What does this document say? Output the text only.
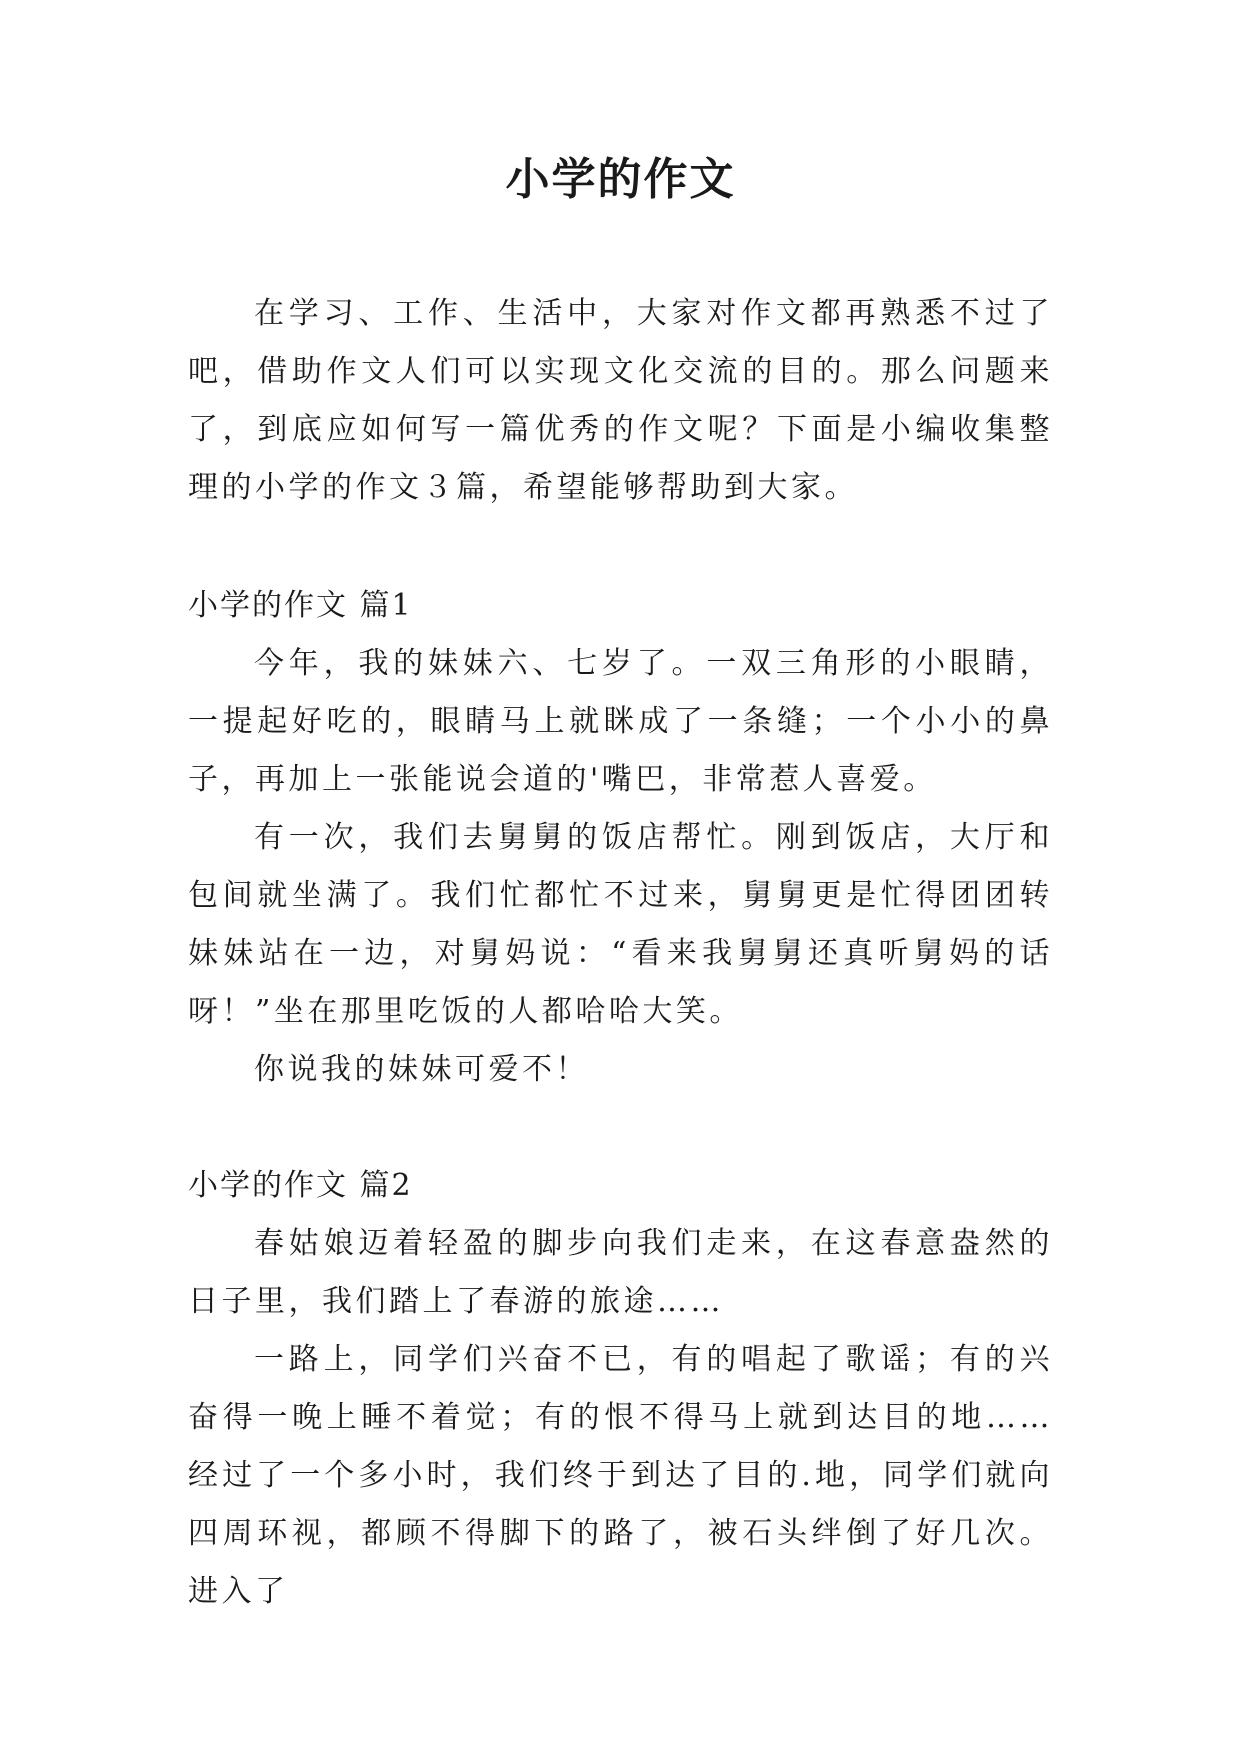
小学的作文

在学习、工作、生活中，大家对作文都再熟悉不过了吧，借助作文人们可以实现文化交流的目的。那么问题来了，到底应如何写一篇优秀的作文呢？下面是小编收集整理的小学的作文３篇，希望能够帮助到大家。

小学的作文 篇1

今年，我的妹妹六、七岁了。一双三角形的小眼睛，一提起好吃的，眼睛马上就眯成了一条缝；一个小小的鼻子，再加上一张能说会道的'嘴巴，非常惹人喜爱。

有一次，我们去舅舅的饭店帮忙。刚到饭店，大厅和包间就坐满了。我们忙都忙不过来，舅舅更是忙得团团转妹妹站在一边，对舅妈说：“看来我舅舅还真听舅妈的话呀！”坐在那里吃饭的人都哈哈大笑。

你说我的妹妹可爱不！

小学的作文 篇2

春姑娘迈着轻盈的脚步向我们走来，在这春意盎然的日子里，我们踏上了春游的旅途……

一路上，同学们兴奋不已，有的唱起了歌谣；有的兴奋得一晚上睡不着觉；有的恨不得马上就到达目的地……经过了一个多小时，我们终于到达了目的.地，同学们就向四周环视，都顾不得脚下的路了，被石头绊倒了好几次。进入了
